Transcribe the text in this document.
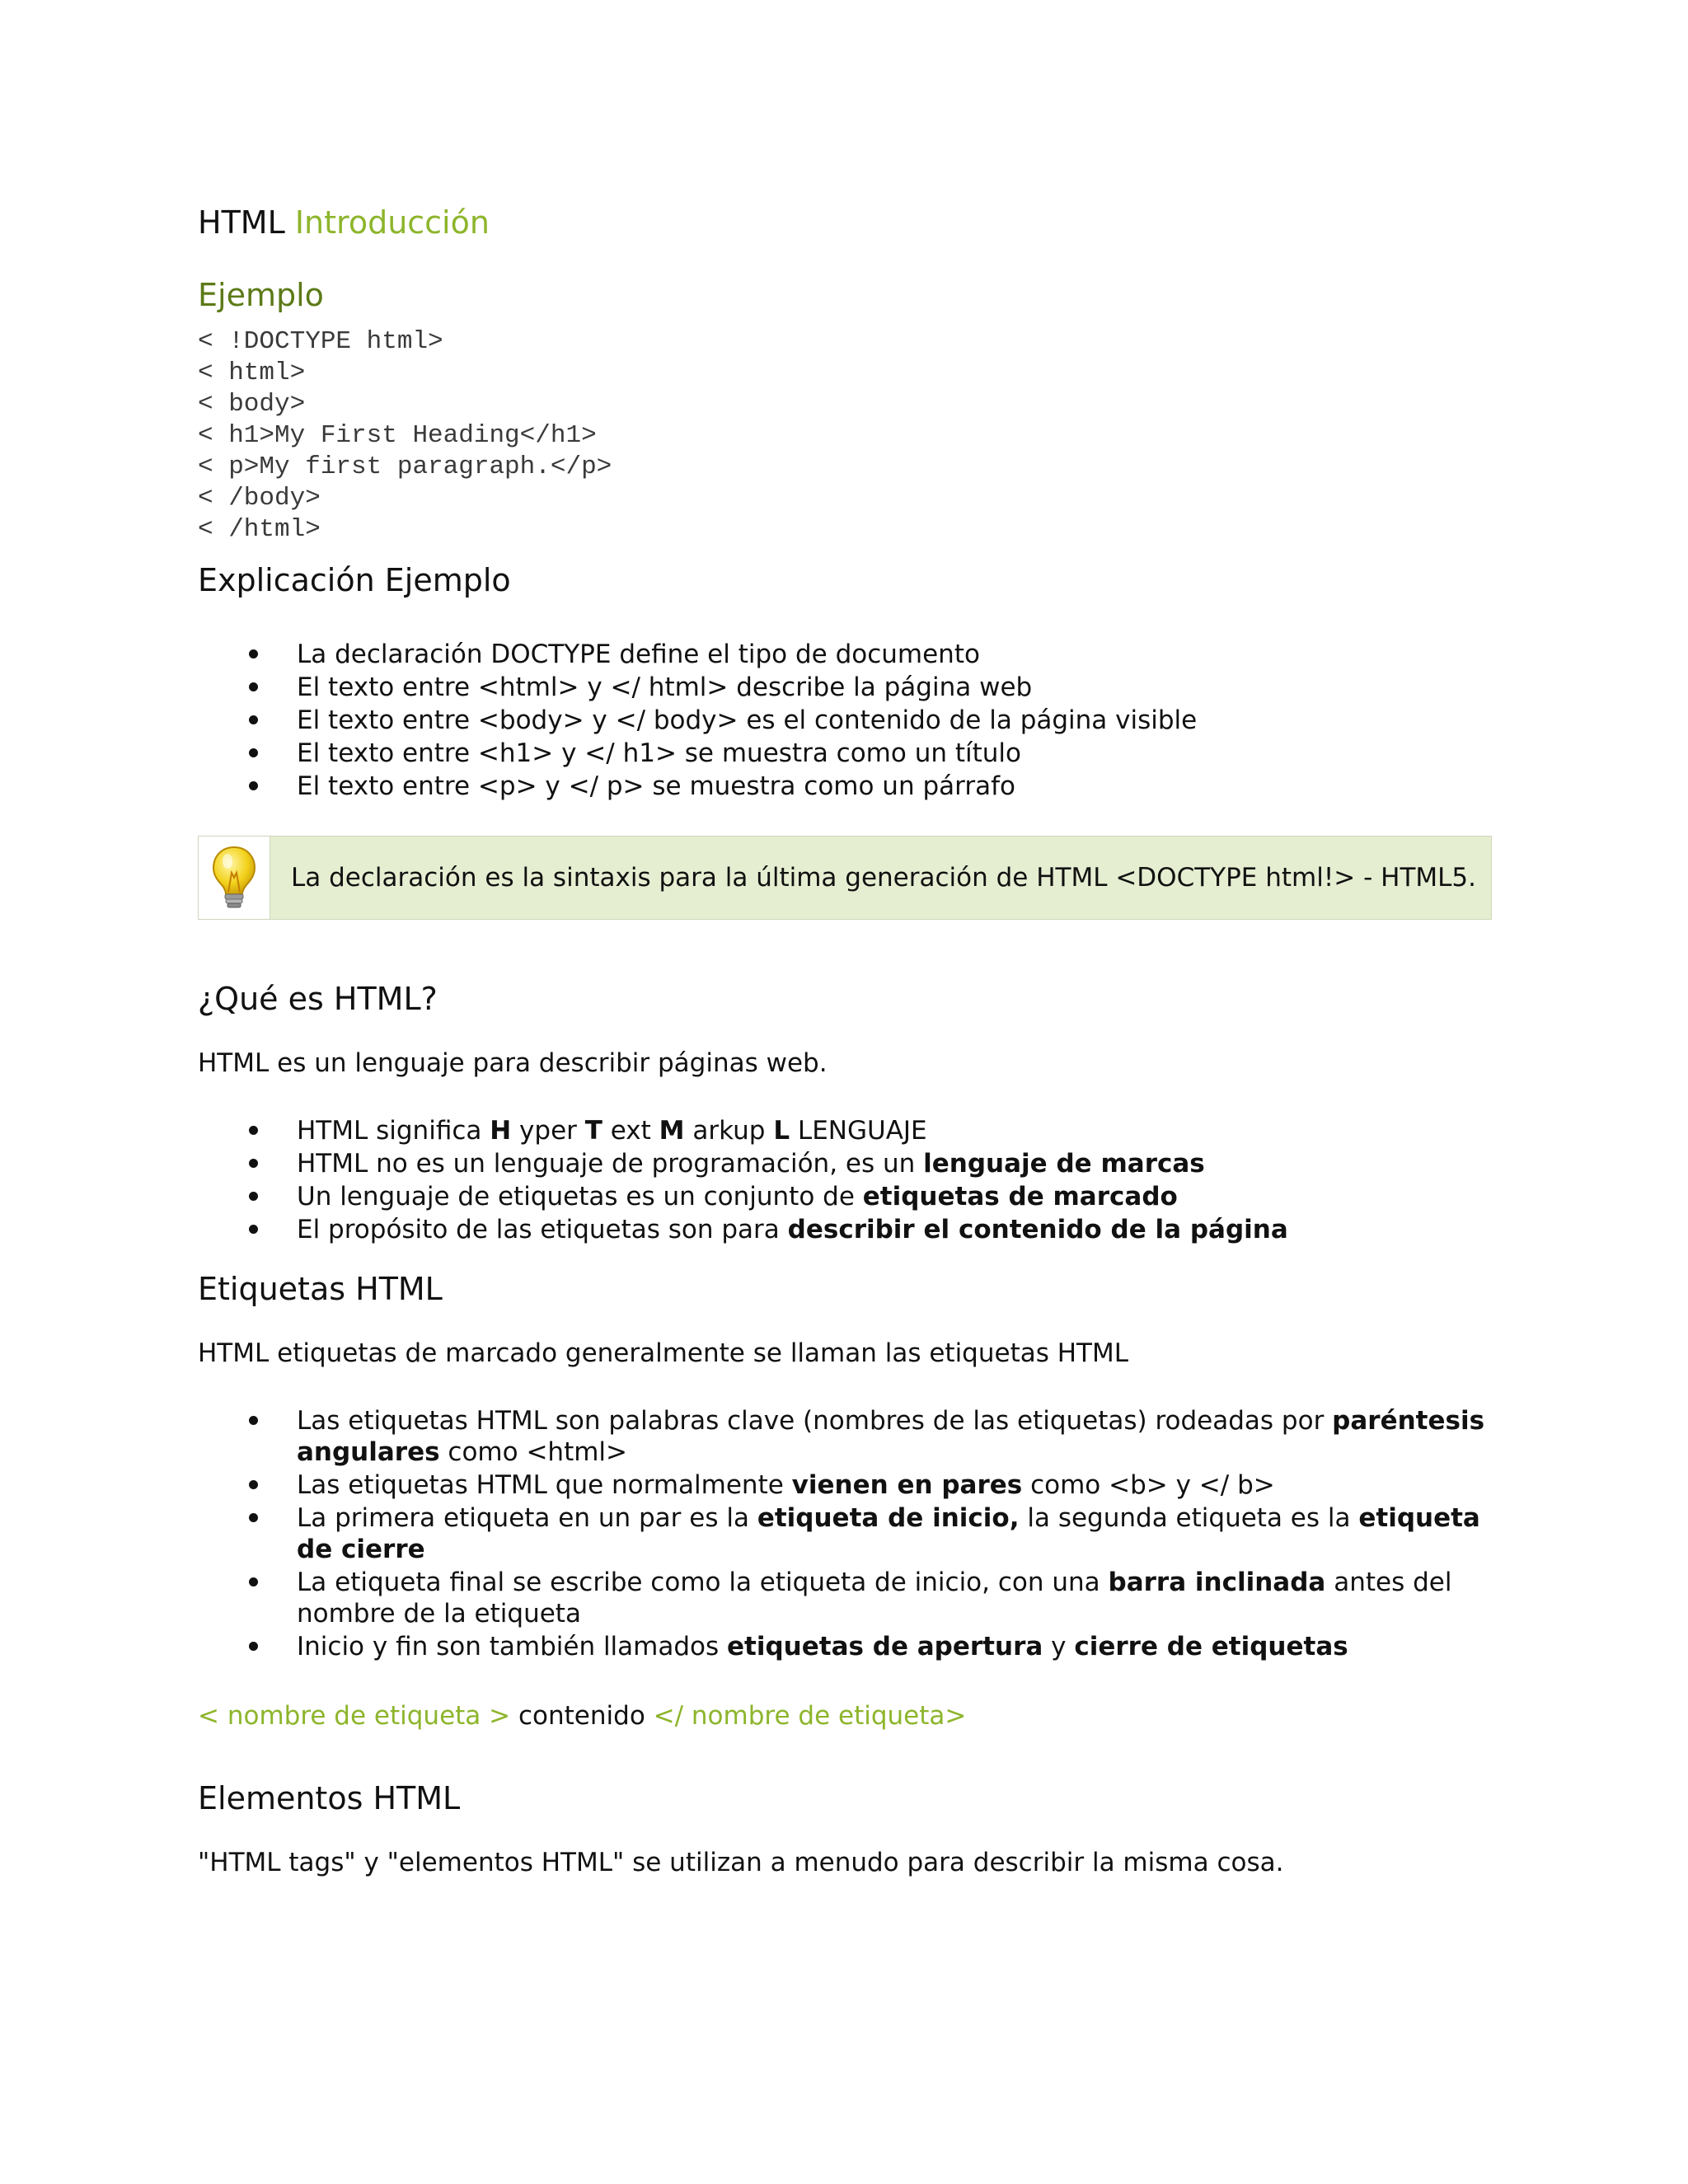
HTML Introducción
Ejemplo
< !DOCTYPE html>
< html>
< body>
< h1>My First Heading</h1>
< p>My first paragraph.</p>
< /body>
< /html>
Explicación Ejemplo
La declaración DOCTYPE define el tipo de documento
El texto entre <html> y </ html> describe la página web
El texto entre <body> y </ body> es el contenido de la página visible
El texto entre <h1> y </ h1> se muestra como un título
El texto entre <p> y </ p> se muestra como un párrafo
La declaración es la sintaxis para la última generación de HTML <DOCTYPE html!> - HTML5.
¿Qué es HTML?

HTML es un lenguaje para describir páginas web.

HTML significa H yper T ext M arkup L LENGUAJE
HTML no es un lenguaje de programación, es un lenguaje de marcas
Un lenguaje de etiquetas es un conjunto de etiquetas de marcado
El propósito de las etiquetas son para describir el contenido de la página
Etiquetas HTML

HTML etiquetas de marcado generalmente se llaman las etiquetas HTML

Las etiquetas HTML son palabras clave (nombres de las etiquetas) rodeadas por paréntesis angulares como <html>
Las etiquetas HTML que normalmente vienen en pares como <b> y </ b>
La primera etiqueta en un par es la etiqueta de inicio, la segunda etiqueta es la etiqueta de cierre
La etiqueta final se escribe como la etiqueta de inicio, con una barra inclinada antes del nombre de la etiqueta
Inicio y fin son también llamados etiquetas de apertura y cierre de etiquetas
< nombre de etiqueta > contenido </ nombre de etiqueta>
Elementos HTML

"HTML tags" y "elementos HTML" se utilizan a menudo para describir la misma cosa.
